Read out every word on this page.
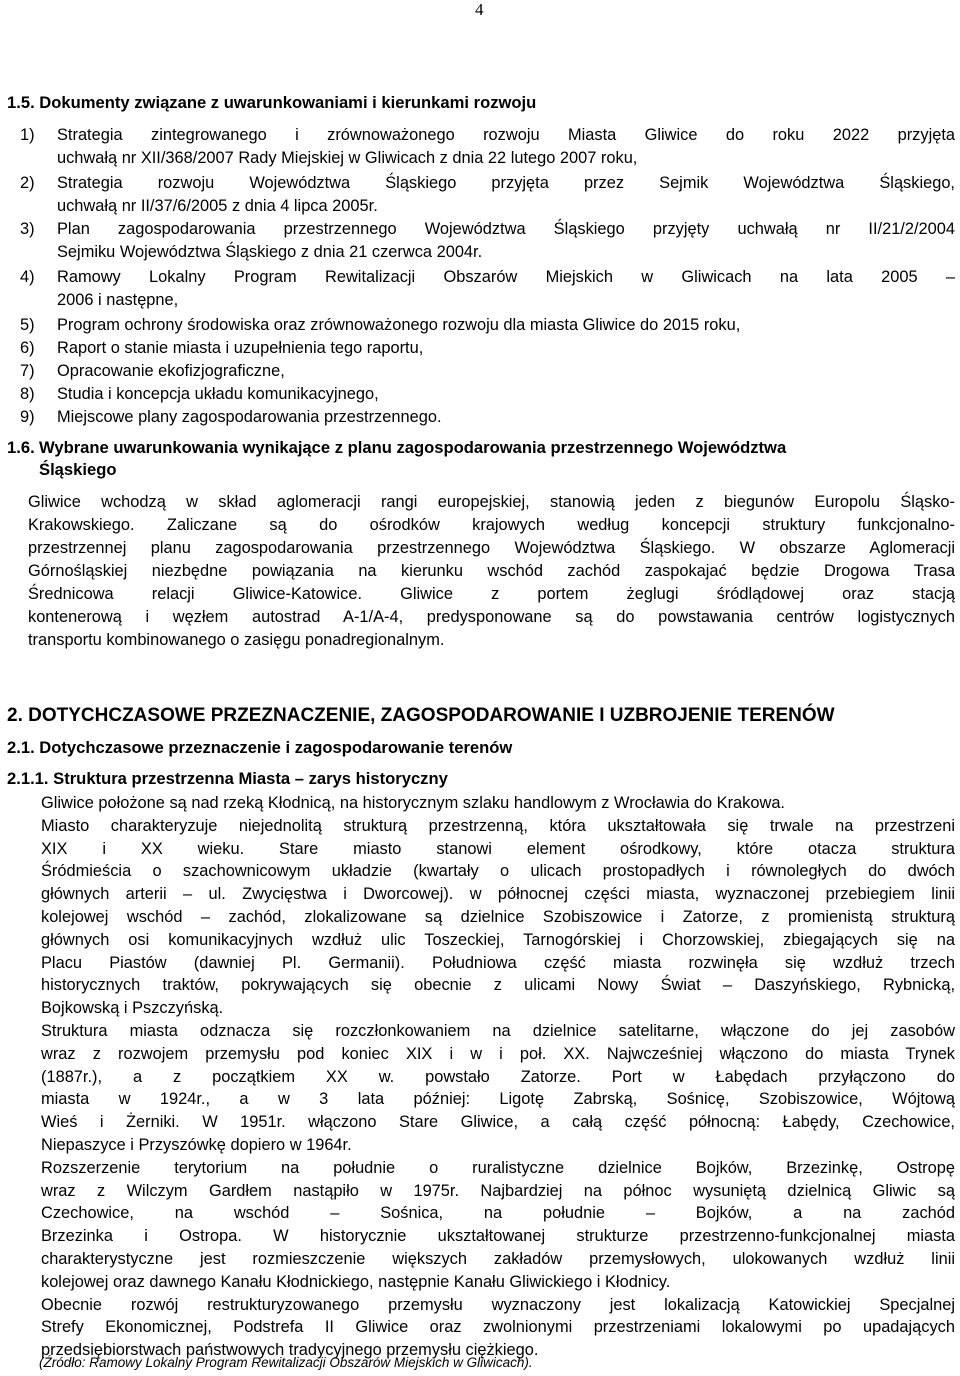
4
1.5. Dokumenty związane z uwarunkowaniami i kierunkami rozwoju
1) Strategia zintegrowanego i zrównoważonego rozwoju Miasta Gliwice do roku 2022 przyjęta
uchwałą nr XII/368/2007 Rady Miejskiej w Gliwicach z dnia 22 lutego 2007 roku,
2) Strategia rozwoju Województwa Śląskiego przyjęta przez Sejmik Województwa Śląskiego,
uchwałą nr II/37/6/2005 z dnia 4 lipca 2005r.
3) Plan zagospodarowania przestrzennego Województwa Śląskiego przyjęty uchwałą nr II/21/2/2004
Sejmiku Województwa Śląskiego z dnia 21 czerwca 2004r.
4) Ramowy Lokalny Program Rewitalizacji Obszarów Miejskich w Gliwicach na lata 2005 –
2006 i następne,
5) Program ochrony środowiska oraz zrównoważonego rozwoju dla miasta Gliwice do 2015 roku,
6) Raport o stanie miasta i uzupełnienia tego raportu,
7) Opracowanie ekofizjograficzne,
8) Studia i koncepcja układu komunikacyjnego,
9) Miejscowe plany zagospodarowania przestrzennego.
1.6. Wybrane uwarunkowania wynikające z planu zagospodarowania przestrzennego Województwa
Śląskiego
Gliwice wchodzą w skład aglomeracji rangi europejskiej, stanowią jeden z biegunów Europolu Śląsko-
Krakowskiego. Zaliczane są do ośrodków krajowych według koncepcji struktury funkcjonalno-
przestrzennej planu zagospodarowania przestrzennego Województwa Śląskiego. W obszarze Aglomeracji
Górnośląskiej niezbędne powiązania na kierunku wschód zachód zaspokajać będzie Drogowa Trasa
Średnicowa relacji Gliwice-Katowice. Gliwice z portem żeglugi śródlądowej oraz stacją
kontenerową i węzłem autostrad A-1/A-4, predysponowane są do powstawania centrów logistycznych
transportu kombinowanego o zasięgu ponadregionalnym.
2. DOTYCHCZASOWE PRZEZNACZENIE, ZAGOSPODAROWANIE I UZBROJENIE TERENÓW
2.1. Dotychczasowe przeznaczenie i zagospodarowanie terenów
2.1.1. Struktura przestrzenna Miasta – zarys historyczny
Gliwice położone są nad rzeką Kłodnicą, na historycznym szlaku handlowym z Wrocławia do Krakowa.
Miasto charakteryzuje niejednolitą strukturą przestrzenną, która ukształtowała się trwale na przestrzeni
XIX i XX wieku. Stare miasto stanowi element ośrodkowy, które otacza struktura
Śródmieścia o szachownicowym układzie (kwartały o ulicach prostopadłych i równoległych do dwóch
głównych arterii – ul. Zwycięstwa i Dworcowej). w północnej części miasta, wyznaczonej przebiegiem linii
kolejowej wschód – zachód, zlokalizowane są dzielnice Szobiszowice i Zatorze, z promienistą strukturą
głównych osi komunikacyjnych wzdłuż ulic Toszeckiej, Tarnogórskiej i Chorzowskiej, zbiegających się na
Placu Piastów (dawniej Pl. Germanii). Południowa część miasta rozwinęła się wzdłuż trzech
historycznych traktów, pokrywających się obecnie z ulicami Nowy Świat – Daszyńskiego, Rybnicką,
Bojkowską i Pszczyńską.
Struktura miasta odznacza się rozczłonkowaniem na dzielnice satelitarne, włączone do jej zasobów
wraz z rozwojem przemysłu pod koniec XIX i w i poł. XX. Najwcześniej włączono do miasta Trynek
(1887r.), a z początkiem XX w. powstało Zatorze. Port w Łabędach przyłączono do
miasta w 1924r., a w 3 lata później: Ligotę Zabrską, Sośnicę, Szobiszowice, Wójtową
Wieś i Żerniki. W 1951r. włączono Stare Gliwice, a całą część północną: Łabędy, Czechowice,
Niepaszyce i Przyszówkę dopiero w 1964r.
Rozszerzenie terytorium na południe o ruralistyczne dzielnice Bojków, Brzezinkę, Ostropę
wraz z Wilczym Gardłem nastąpiło w 1975r. Najbardziej na północ wysuniętą dzielnicą Gliwic są
Czechowice, na wschód – Sośnica, na południe – Bojków, a na zachód
Brzezinka i Ostropa. W historycznie ukształtowanej strukturze przestrzenno-funkcjonalnej miasta
charakterystyczne jest rozmieszczenie większych zakładów przemysłowych, ulokowanych wzdłuż linii
kolejowej oraz dawnego Kanału Kłodnickiego, następnie Kanału Gliwickiego i Kłodnicy.
Obecnie rozwój restrukturyzowanego przemysłu wyznaczony jest lokalizacją Katowickiej Specjalnej
Strefy Ekonomicznej, Podstrefa II Gliwice oraz zwolnionymi przestrzeniami lokalowymi po upadających
przedsiębiorstwach państwowych tradycyjnego przemysłu ciężkiego.
(Źródło: Ramowy Lokalny Program Rewitalizacji Obszarów Miejskich w Gliwicach).
